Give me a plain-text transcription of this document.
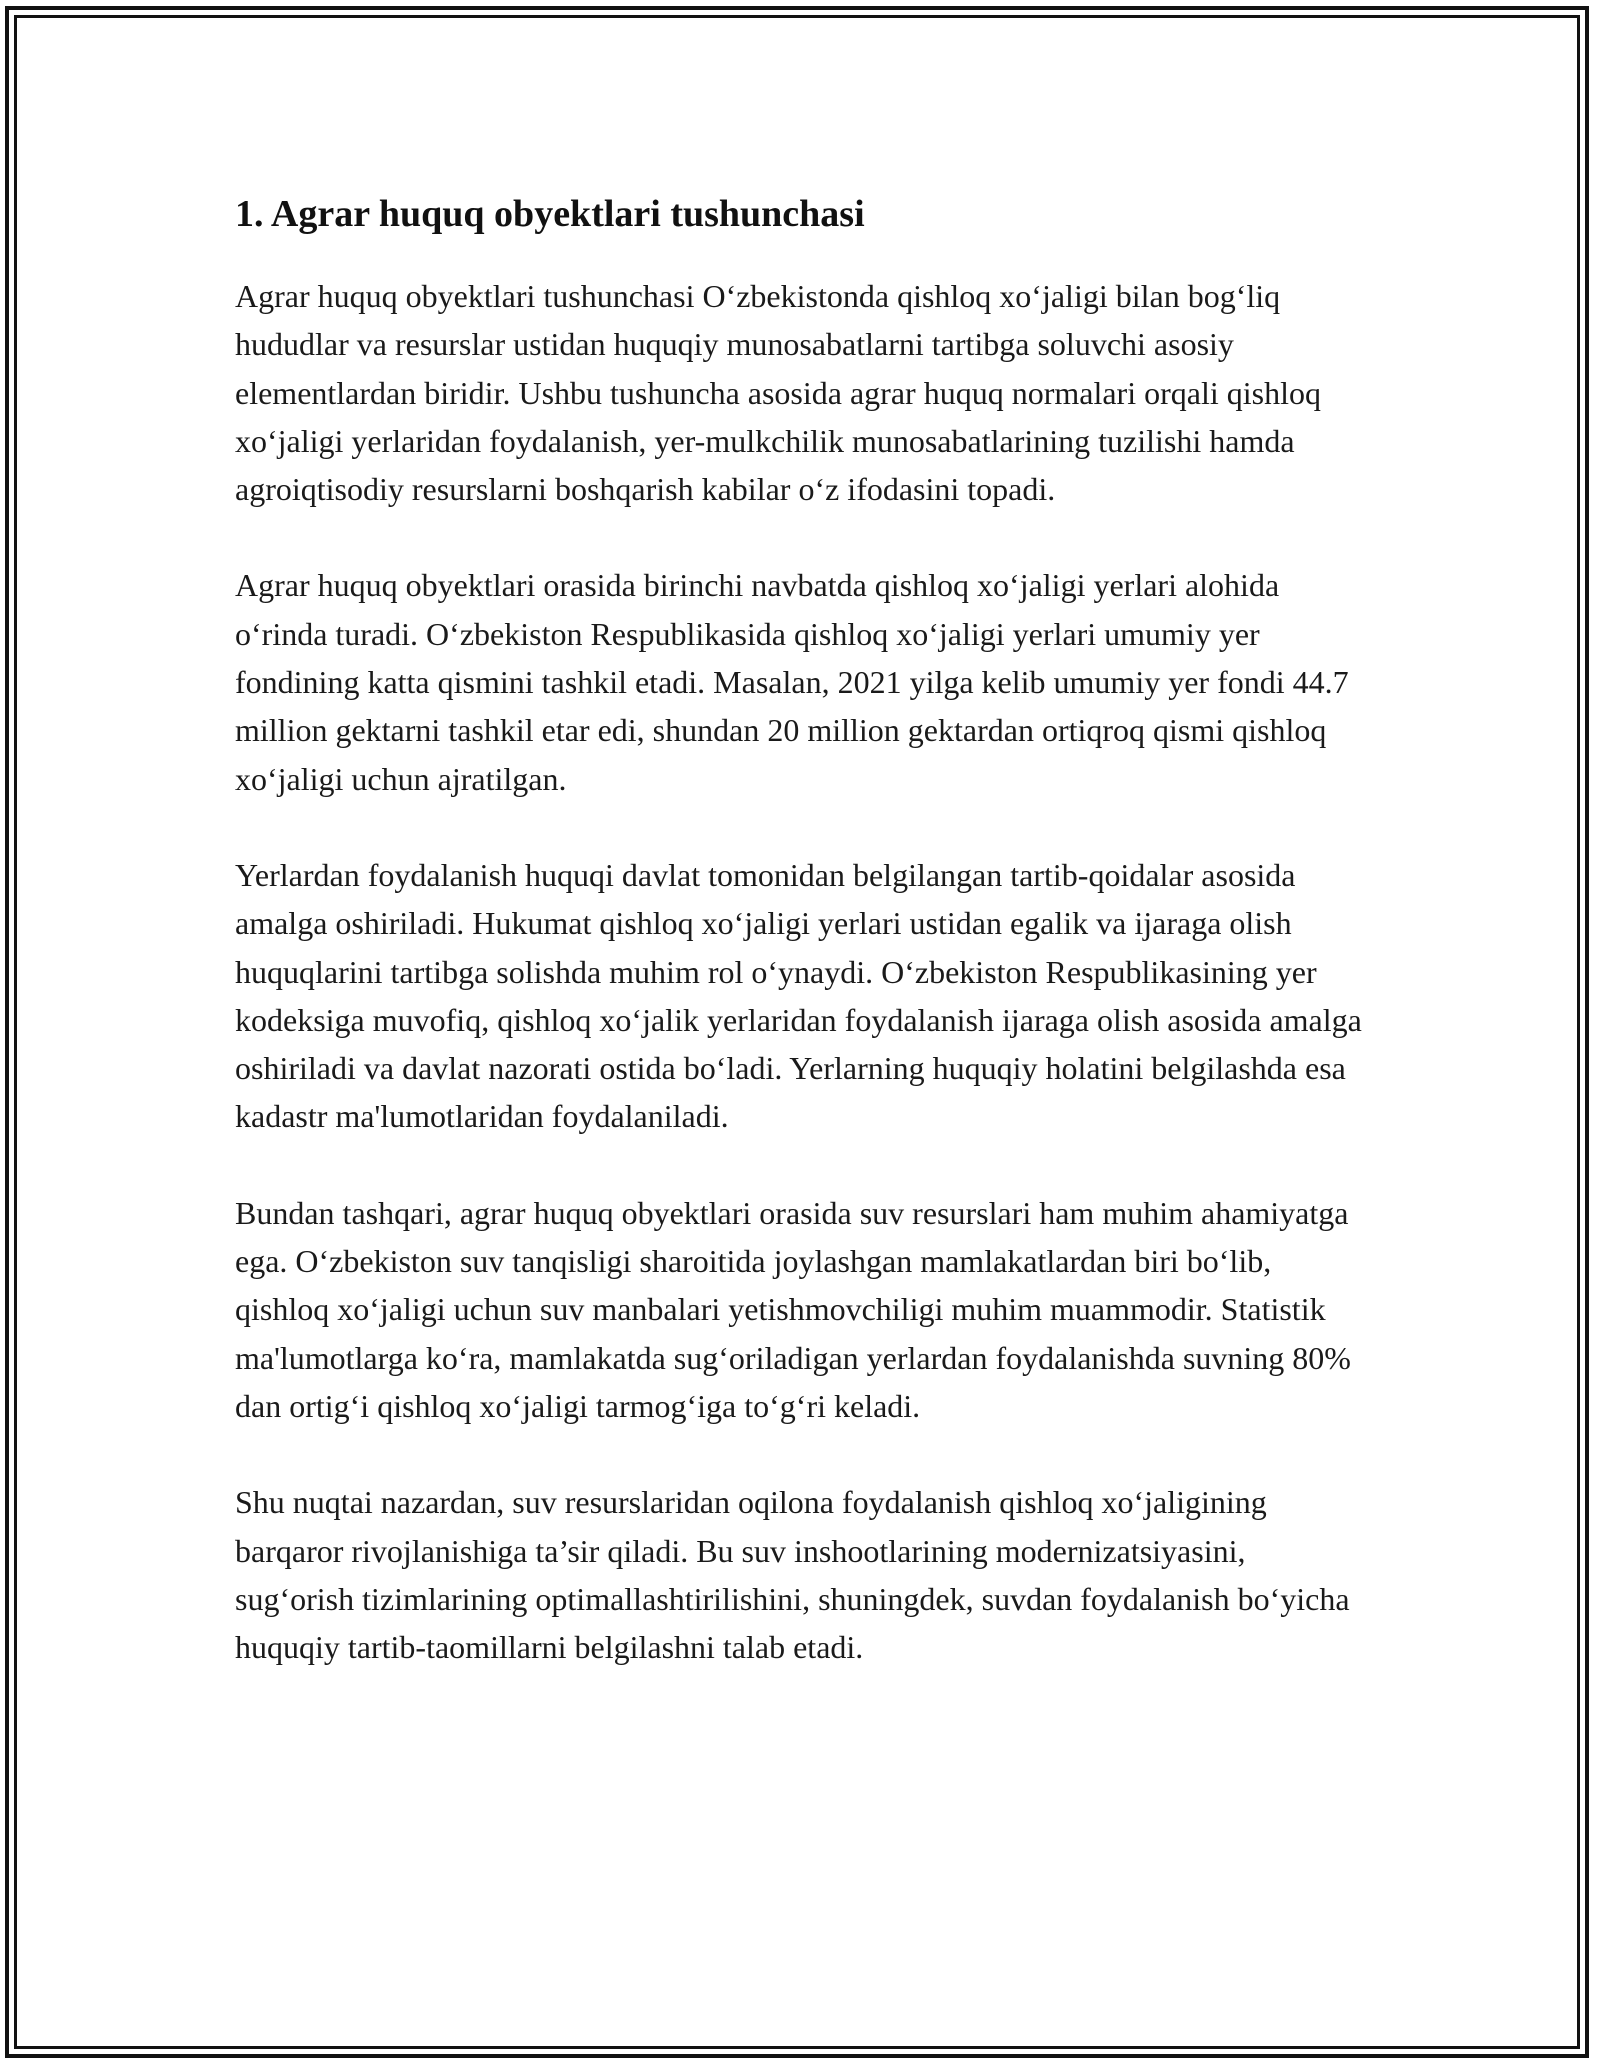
1. Agrar huquq obyektlari tushunchasi

Agrar huquq obyektlari tushunchasi O‘zbekistonda qishloq xo‘jaligi bilan bog‘liq hududlar va resurslar ustidan huquqiy munosabatlarni tartibga soluvchi asosiy elementlardan biridir. Ushbu tushuncha asosida agrar huquq normalari orqali qishloq xo‘jaligi yerlaridan foydalanish, yer-mulkchilik munosabatlarining tuzilishi hamda agroiqtisodiy resurslarni boshqarish kabilar o‘z ifodasini topadi.

Agrar huquq obyektlari orasida birinchi navbatda qishloq xo‘jaligi yerlari alohida o‘rinda turadi. O‘zbekiston Respublikasida qishloq xo‘jaligi yerlari umumiy yer fondining katta qismini tashkil etadi. Masalan, 2021 yilga kelib umumiy yer fondi 44.7 million gektarni tashkil etar edi, shundan 20 million gektardan ortiqroq qismi qishloq xo‘jaligi uchun ajratilgan.

Yerlardan foydalanish huquqi davlat tomonidan belgilangan tartib-qoidalar asosida amalga oshiriladi. Hukumat qishloq xo‘jaligi yerlari ustidan egalik va ijaraga olish huquqlarini tartibga solishda muhim rol o‘ynaydi. O‘zbekiston Respublikasining yer kodeksiga muvofiq, qishloq xo‘jalik yerlaridan foydalanish ijaraga olish asosida amalga oshiriladi va davlat nazorati ostida bo‘ladi. Yerlarning huquqiy holatini belgilashda esa kadastr ma'lumotlaridan foydalaniladi.

Bundan tashqari, agrar huquq obyektlari orasida suv resurslari ham muhim ahamiyatga ega. O‘zbekiston suv tanqisligi sharoitida joylashgan mamlakatlardan biri bo‘lib, qishloq xo‘jaligi uchun suv manbalari yetishmovchiligi muhim muammodir. Statistik ma'lumotlarga ko‘ra, mamlakatda sug‘oriladigan yerlardan foydalanishda suvning 80% dan ortig‘i qishloq xo‘jaligi tarmog‘iga to‘g‘ri keladi.

Shu nuqtai nazardan, suv resurslaridan oqilona foydalanish qishloq xo‘jaligining barqaror rivojlanishiga ta’sir qiladi. Bu suv inshootlarining modernizatsiyasini, sug‘orish tizimlarining optimallashtirilishini, shuningdek, suvdan foydalanish bo‘yicha huquqiy tartib-taomillarni belgilashni talab etadi.
